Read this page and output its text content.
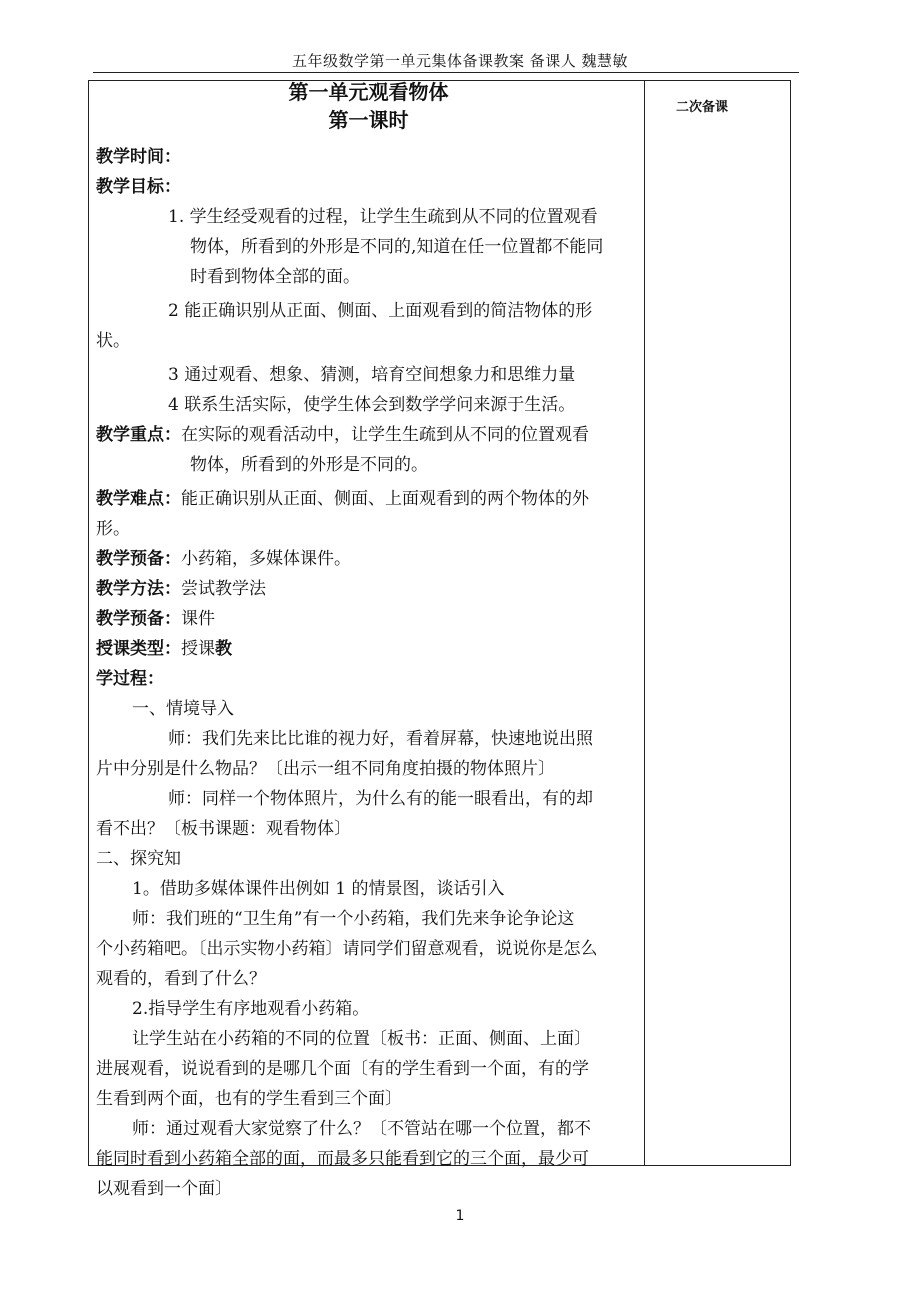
五年级数学第一单元集体备课教案 备课人 魏慧敏
二次备课
第一单元观看物体
第一课时
教学时间：
教学目标：
1. 学生经受观看的过程，让学生生疏到从不同的位置观看
物体，所看到的外形是不同的,知道在任一位置都不能同
时看到物体全部的面。
2 能正确识别从正面、侧面、上面观看到的简洁物体的形
状。
3 通过观看、想象、猜测，培育空间想象力和思维力量
4 联系生活实际，使学生体会到数学学问来源于生活。
教学重点：在实际的观看活动中，让学生生疏到从不同的位置观看
物体，所看到的外形是不同的。
教学难点：能正确识别从正面、侧面、上面观看到的两个物体的外
形。
教学预备：小药箱，多媒体课件。
教学方法：尝试教学法
教学预备：课件
授课类型：授课教
学过程：
一、情境导入
师：我们先来比比谁的视力好，看着屏幕，快速地说出照
片中分别是什么物品？〔出示一组不同角度拍摄的物体照片〕
师：同样一个物体照片，为什么有的能一眼看出，有的却
看不出？〔板书课题：观看物体〕
二、探究知
1。借助多媒体课件出例如 1 的情景图，谈话引入
师：我们班的“卫生角”有一个小药箱，我们先来争论争论这
个小药箱吧。〔出示实物小药箱〕请同学们留意观看，说说你是怎么
观看的，看到了什么？
2.指导学生有序地观看小药箱。
让学生站在小药箱的不同的位置〔板书：正面、侧面、上面〕
进展观看，说说看到的是哪几个面〔有的学生看到一个面，有的学
生看到两个面，也有的学生看到三个面〕
师：通过观看大家觉察了什么？〔不管站在哪一个位置，都不
能同时看到小药箱全部的面，而最多只能看到它的三个面，最少可
以观看到一个面〕
1
